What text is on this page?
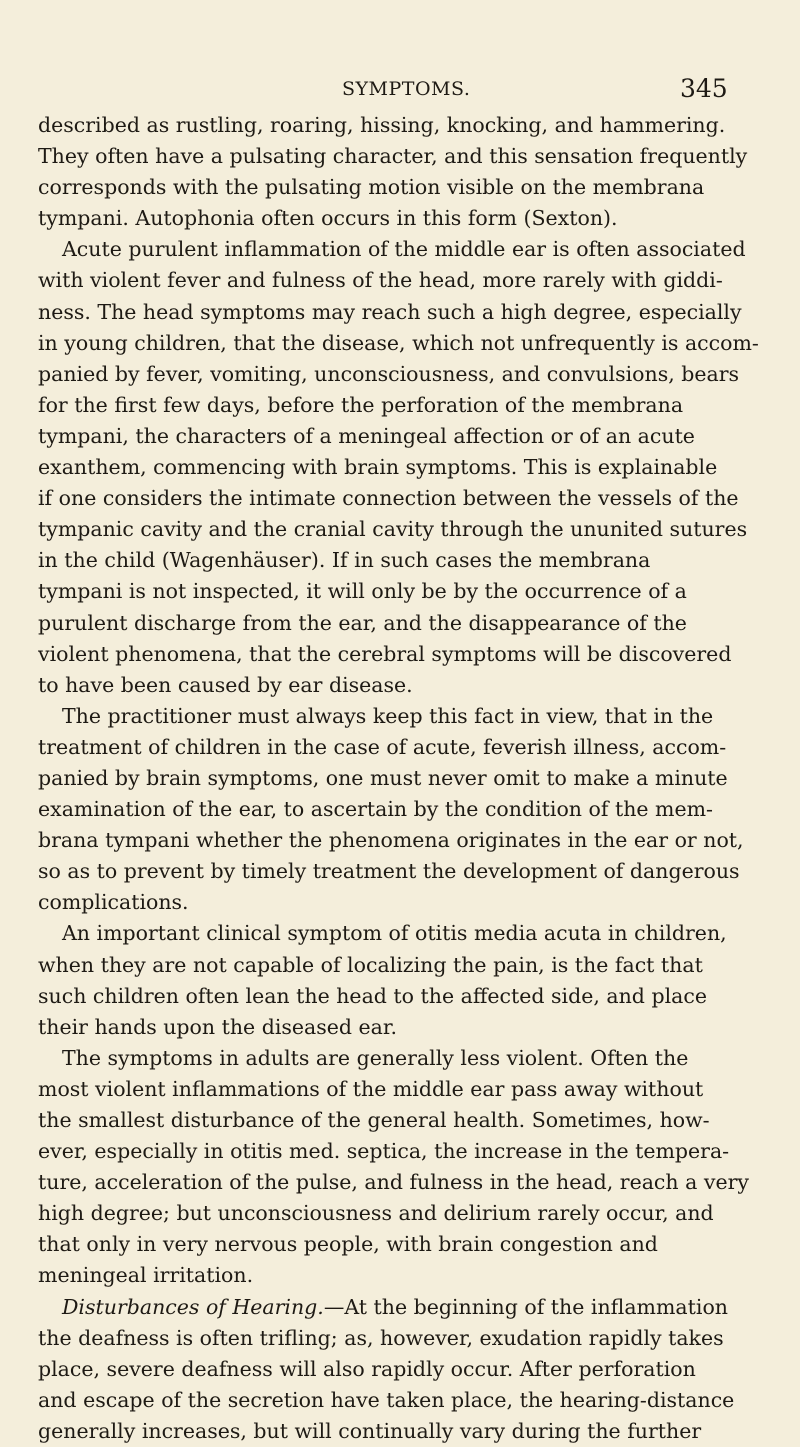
SYMPTOMS.	345
described as rustling, roaring, hissing, knocking, and hammering.
They often have a pulsating character, and this sensation frequently
corresponds with the pulsating motion visible on the membrana
tympani. Autophonia often occurs in this form (Sexton).
Acute purulent inflammation of the middle ear is often associated
with violent fever and fulness of the head, more rarely with giddi-
ness. The head symptoms may reach such a high degree, especially
in young children, that the disease, which not unfrequently is accom-
panied by fever, vomiting, unconsciousness, and convulsions, bears
for the first few days, before the perforation of the membrana
tympani, the characters of a meningeal affection or of an acute
exanthem, commencing with brain symptoms. This is explainable
if one considers the intimate connection between the vessels of the
tympanic cavity and the cranial cavity through the ununited sutures
in the child (Wagenhäuser). If in such cases the membrana
tympani is not inspected, it will only be by the occurrence of a
purulent discharge from the ear, and the disappearance of the
violent phenomena, that the cerebral symptoms will be discovered
to have been caused by ear disease.
The practitioner must always keep this fact in view, that in the
treatment of children in the case of acute, feverish illness, accom-
panied by brain symptoms, one must never omit to make a minute
examination of the ear, to ascertain by the condition of the mem-
brana tympani whether the phenomena originates in the ear or not,
so as to prevent by timely treatment the development of dangerous
complications.
An important clinical symptom of otitis media acuta in children,
when they are not capable of localizing the pain, is the fact that
such children often lean the head to the affected side, and place
their hands upon the diseased ear.
The symptoms in adults are generally less violent. Often the
most violent inflammations of the middle ear pass away without
the smallest disturbance of the general health. Sometimes, how-
ever, especially in otitis med. septica, the increase in the tempera-
ture, acceleration of the pulse, and fulness in the head, reach a very
high degree; but unconsciousness and delirium rarely occur, and
that only in very nervous people, with brain congestion and
meningeal irritation.
Disturbances of Hearing.—At the beginning of the inflammation
the deafness is often trifling; as, however, exudation rapidly takes
place, severe deafness will also rapidly occur. After perforation
and escape of the secretion have taken place, the hearing-distance
generally increases, but will continually vary during the further
